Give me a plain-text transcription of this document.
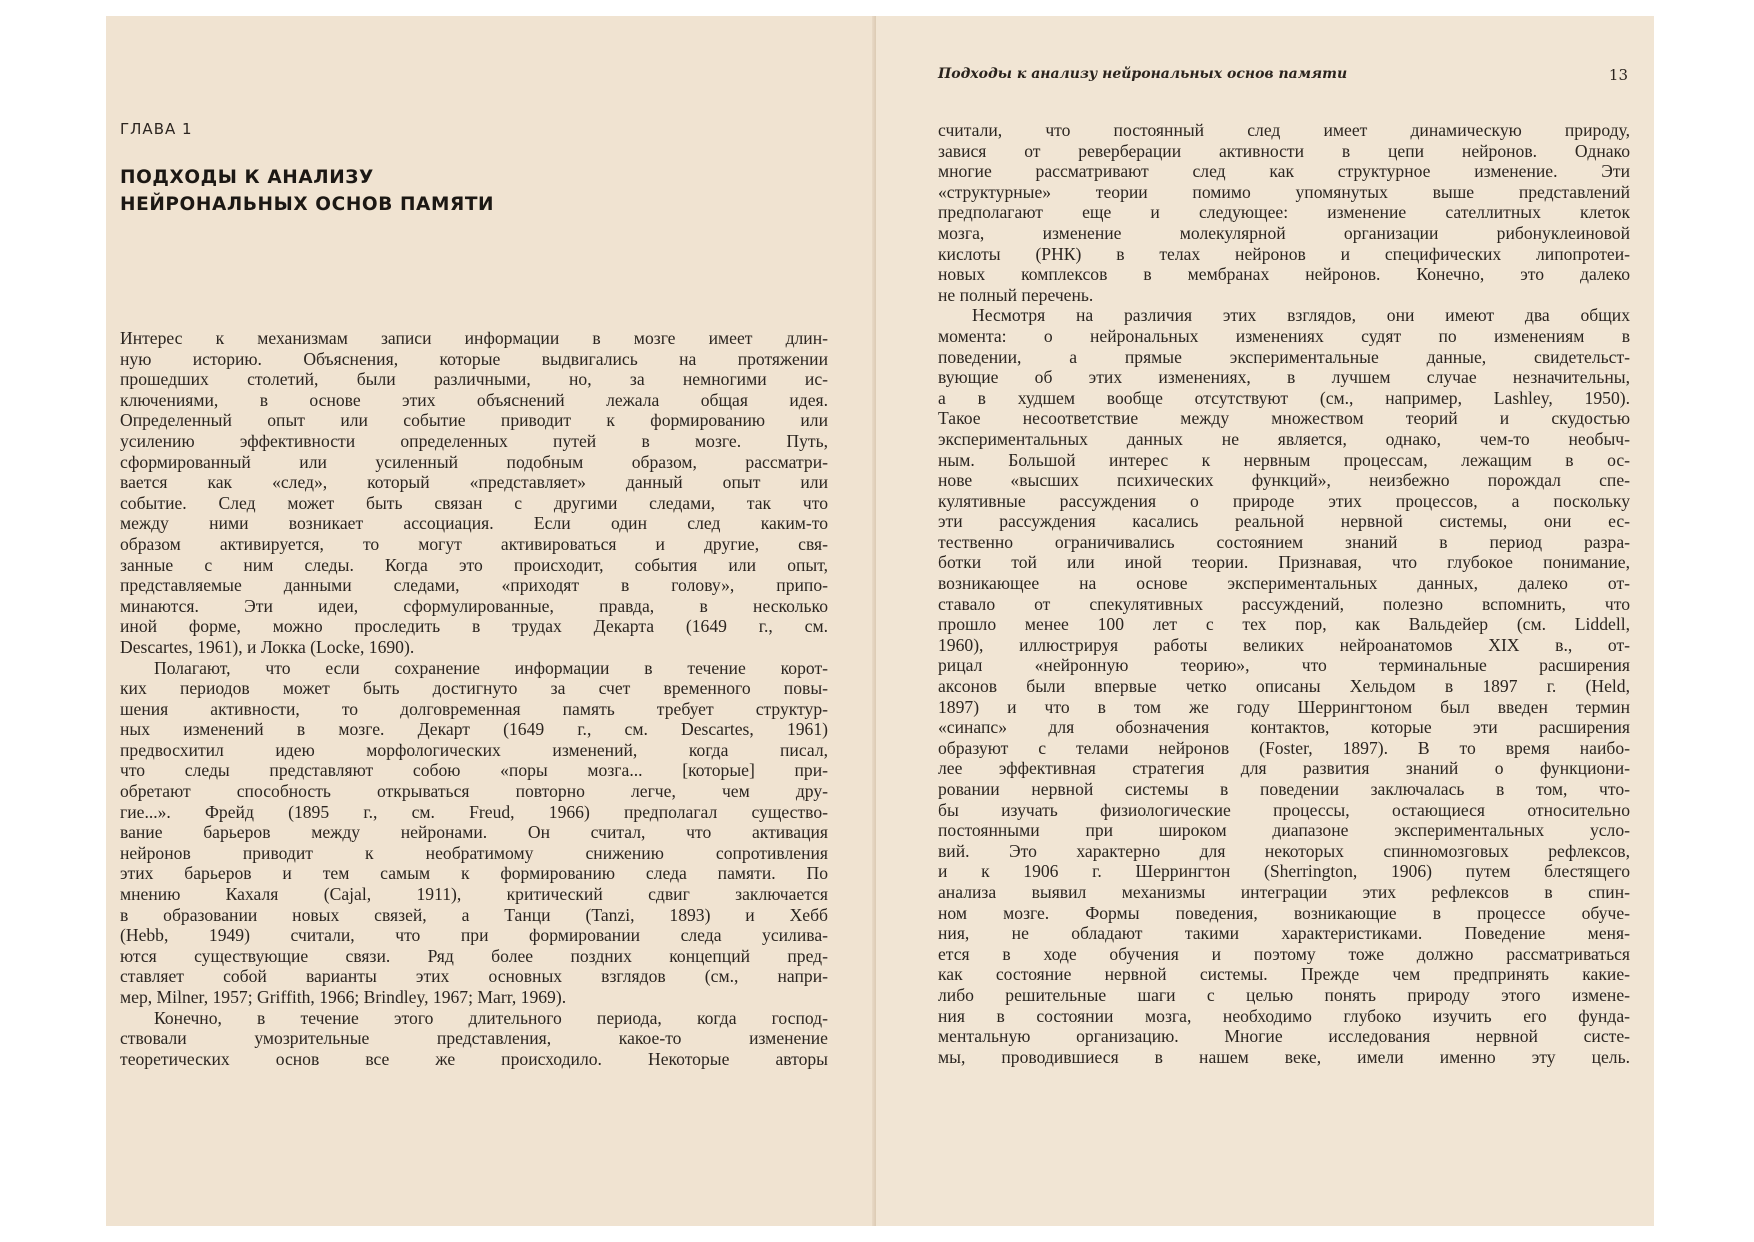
ГЛАВА 1
ПОДХОДЫ К АНАЛИЗУ
НЕЙРОНАЛЬНЫХ ОСНОВ ПАМЯТИ
Интерес к механизмам записи информации в мозге имеет длин-
ную историю. Объяснения, которые выдвигались на протяжении
прошедших столетий, были различными, но, за немногими ис-
ключениями, в основе этих объяснений лежала общая идея.
Определенный опыт или событие приводит к формированию или
усилению эффективности определенных путей в мозге. Путь,
сформированный или усиленный подобным образом, рассматри-
вается как «след», который «представляет» данный опыт или
событие. След может быть связан с другими следами, так что
между ними возникает ассоциация. Если один след каким-то
образом активируется, то могут активироваться и другие, свя-
занные с ним следы. Когда это происходит, события или опыт,
представляемые данными следами, «приходят в голову», припо-
минаются. Эти идеи, сформулированные, правда, в несколько
иной форме, можно проследить в трудах Декарта (1649 г., см.
Descartes, 1961), и Локка (Locke, 1690).
Полагают, что если сохранение информации в течение корот-
ких периодов может быть достигнуто за счет временного повы-
шения активности, то долговременная память требует структур-
ных изменений в мозге. Декарт (1649 г., см. Descartes, 1961)
предвосхитил идею морфологических изменений, когда писал,
что следы представляют собою «поры мозга... [которые] при-
обретают способность открываться повторно легче, чем дру-
гие...». Фрейд (1895 г., см. Freud, 1966) предполагал существо-
вание барьеров между нейронами. Он считал, что активация
нейронов приводит к необратимому снижению сопротивления
этих барьеров и тем самым к формированию следа памяти. По
мнению Кахаля (Cajal, 1911), критический сдвиг заключается
в образовании новых связей, а Танци (Tanzi, 1893) и Хебб
(Hebb, 1949) считали, что при формировании следа усилива-
ются существующие связи. Ряд более поздних концепций пред-
ставляет собой варианты этих основных взглядов (см., напри-
мер, Milner, 1957; Griffith, 1966; Brindley, 1967; Marr, 1969).
Конечно, в течение этого длительного периода, когда господ-
ствовали умозрительные представления, какое-то изменение
теоретических основ все же происходило. Некоторые авторы
Подходы к анализу нейрональных основ памяти	13
считали, что постоянный след имеет динамическую природу,
завися от реверберации активности в цепи нейронов. Однако
многие рассматривают след как структурное изменение. Эти
«структурные» теории помимо упомянутых выше представлений
предполагают еще и следующее: изменение сателлитных клеток
мозга, изменение молекулярной организации рибонуклеиновой
кислоты (РНК) в телах нейронов и специфических липопротеи-
новых комплексов в мембранах нейронов. Конечно, это далеко
не полный перечень.
Несмотря на различия этих взглядов, они имеют два общих
момента: о нейрональных изменениях судят по изменениям в
поведении, а прямые экспериментальные данные, свидетельст-
вующие об этих изменениях, в лучшем случае незначительны,
а в худшем вообще отсутствуют (см., например, Lashley, 1950).
Такое несоответствие между множеством теорий и скудостью
экспериментальных данных не является, однако, чем-то необыч-
ным. Большой интерес к нервным процессам, лежащим в ос-
нове «высших психических функций», неизбежно порождал спе-
кулятивные рассуждения о природе этих процессов, а поскольку
эти рассуждения касались реальной нервной системы, они ес-
тественно ограничивались состоянием знаний в период разра-
ботки той или иной теории. Признавая, что глубокое понимание,
возникающее на основе экспериментальных данных, далеко от-
ставало от спекулятивных рассуждений, полезно вспомнить, что
прошло менее 100 лет с тех пор, как Вальдейер (см. Liddell,
1960), иллюстрируя работы великих нейроанатомов XIX в., от-
рицал «нейронную теорию», что терминальные расширения
аксонов были впервые четко описаны Хельдом в 1897 г. (Held,
1897) и что в том же году Шеррингтоном был введен термин
«синапс» для обозначения контактов, которые эти расширения
образуют с телами нейронов (Foster, 1897). В то время наибо-
лее эффективная стратегия для развития знаний о функциони-
ровании нервной системы в поведении заключалась в том, что-
бы изучать физиологические процессы, остающиеся относительно
постоянными при широком диапазоне экспериментальных усло-
вий. Это характерно для некоторых спинномозговых рефлексов,
и к 1906 г. Шеррингтон (Sherrington, 1906) путем блестящего
анализа выявил механизмы интеграции этих рефлексов в спин-
ном мозге. Формы поведения, возникающие в процессе обуче-
ния, не обладают такими характеристиками. Поведение меня-
ется в ходе обучения и поэтому тоже должно рассматриваться
как состояние нервной системы. Прежде чем предпринять какие-
либо решительные шаги с целью понять природу этого измене-
ния в состоянии мозга, необходимо глубоко изучить его фунда-
ментальную организацию. Многие исследования нервной систе-
мы, проводившиеся в нашем веке, имели именно эту цель.
